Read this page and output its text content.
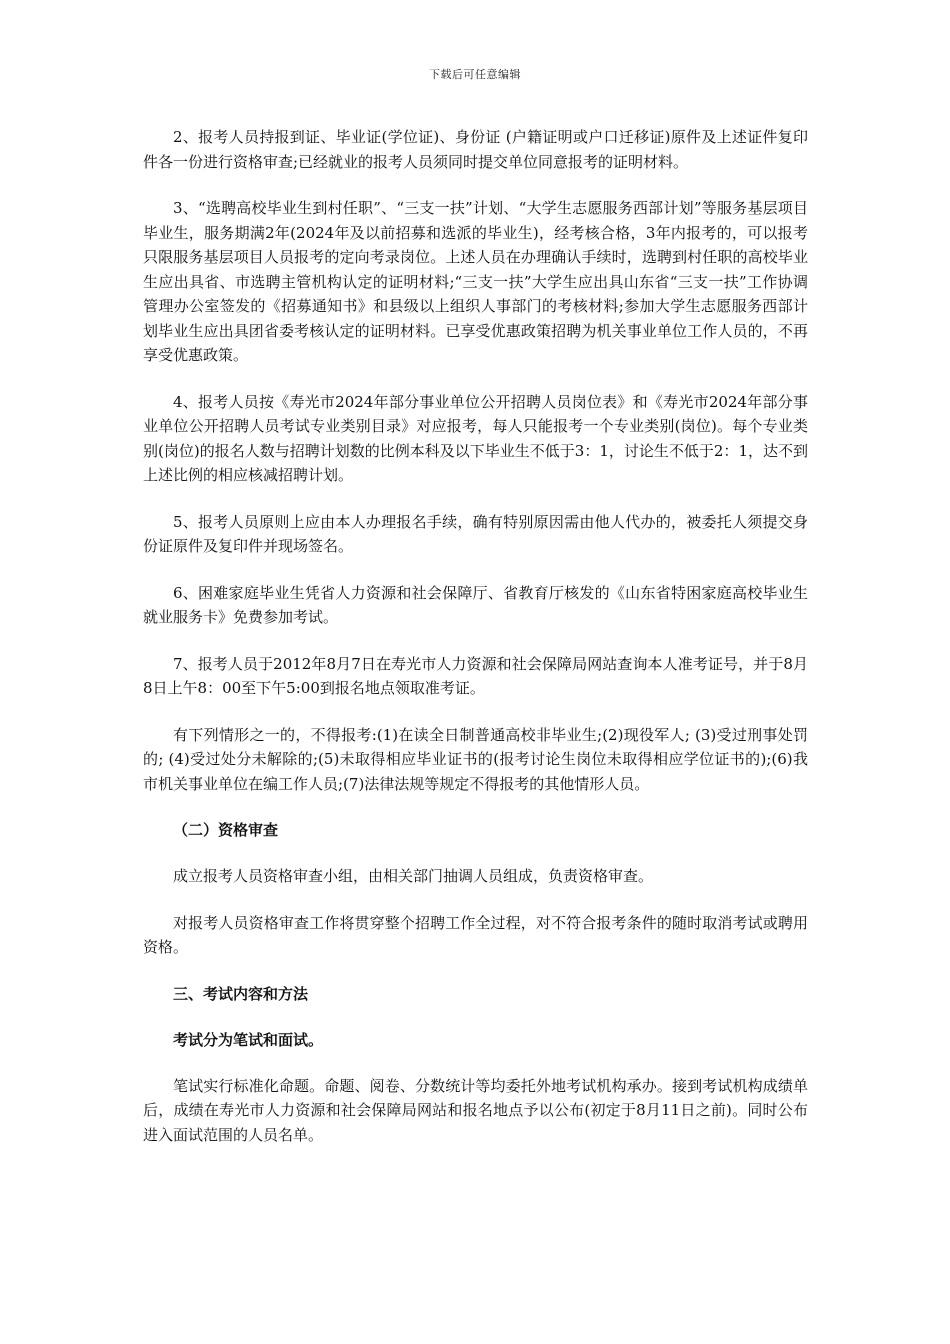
下载后可任意编辑

2、报考人员持报到证、毕业证(学位证)、身份证 (户籍证明或户口迁移证)原件及上述证件复印件各一份进行资格审查;已经就业的报考人员须同时提交单位同意报考的证明材料。

3、“选聘高校毕业生到村任职”、“三支一扶”计划、“大学生志愿服务西部计划”等服务基层项目毕业生，服务期满2年(2024年及以前招募和选派的毕业生)，经考核合格，3年内报考的，可以报考只限服务基层项目人员报考的定向考录岗位。上述人员在办理确认手续时，选聘到村任职的高校毕业生应出具省、市选聘主管机构认定的证明材料;“三支一扶”大学生应出具山东省“三支一扶”工作协调管理办公室签发的《招募通知书》和县级以上组织人事部门的考核材料;参加大学生志愿服务西部计划毕业生应出具团省委考核认定的证明材料。已享受优惠政策招聘为机关事业单位工作人员的，不再享受优惠政策。

4、报考人员按《寿光市2024年部分事业单位公开招聘人员岗位表》和《寿光市2024年部分事业单位公开招聘人员考试专业类别目录》对应报考，每人只能报考一个专业类别(岗位)。每个专业类别(岗位)的报名人数与招聘计划数的比例本科及以下毕业生不低于3：1，讨论生不低于2：1，达不到上述比例的相应核减招聘计划。

5、报考人员原则上应由本人办理报名手续，确有特别原因需由他人代办的，被委托人须提交身份证原件及复印件并现场签名。

6、困难家庭毕业生凭省人力资源和社会保障厅、省教育厅核发的《山东省特困家庭高校毕业生就业服务卡》免费参加考试。

7、报考人员于2012年8月7日在寿光市人力资源和社会保障局网站查询本人准考证号，并于8月8日上午8：00至下午5:00到报名地点领取准考证。

有下列情形之一的，不得报考:(1)在读全日制普通高校非毕业生;(2)现役军人; (3)受过刑事处罚的; (4)受过处分未解除的;(5)未取得相应毕业证书的(报考讨论生岗位未取得相应学位证书的);(6)我市机关事业单位在编工作人员;(7)法律法规等规定不得报考的其他情形人员。

（二）资格审查

成立报考人员资格审查小组，由相关部门抽调人员组成，负责资格审查。

对报考人员资格审查工作将贯穿整个招聘工作全过程，对不符合报考条件的随时取消考试或聘用资格。

三、考试内容和方法
考试分为笔试和面试。

笔试实行标准化命题。命题、阅卷、分数统计等均委托外地考试机构承办。接到考试机构成绩单后，成绩在寿光市人力资源和社会保障局网站和报名地点予以公布(初定于8月11日之前)。同时公布进入面试范围的人员名单。
